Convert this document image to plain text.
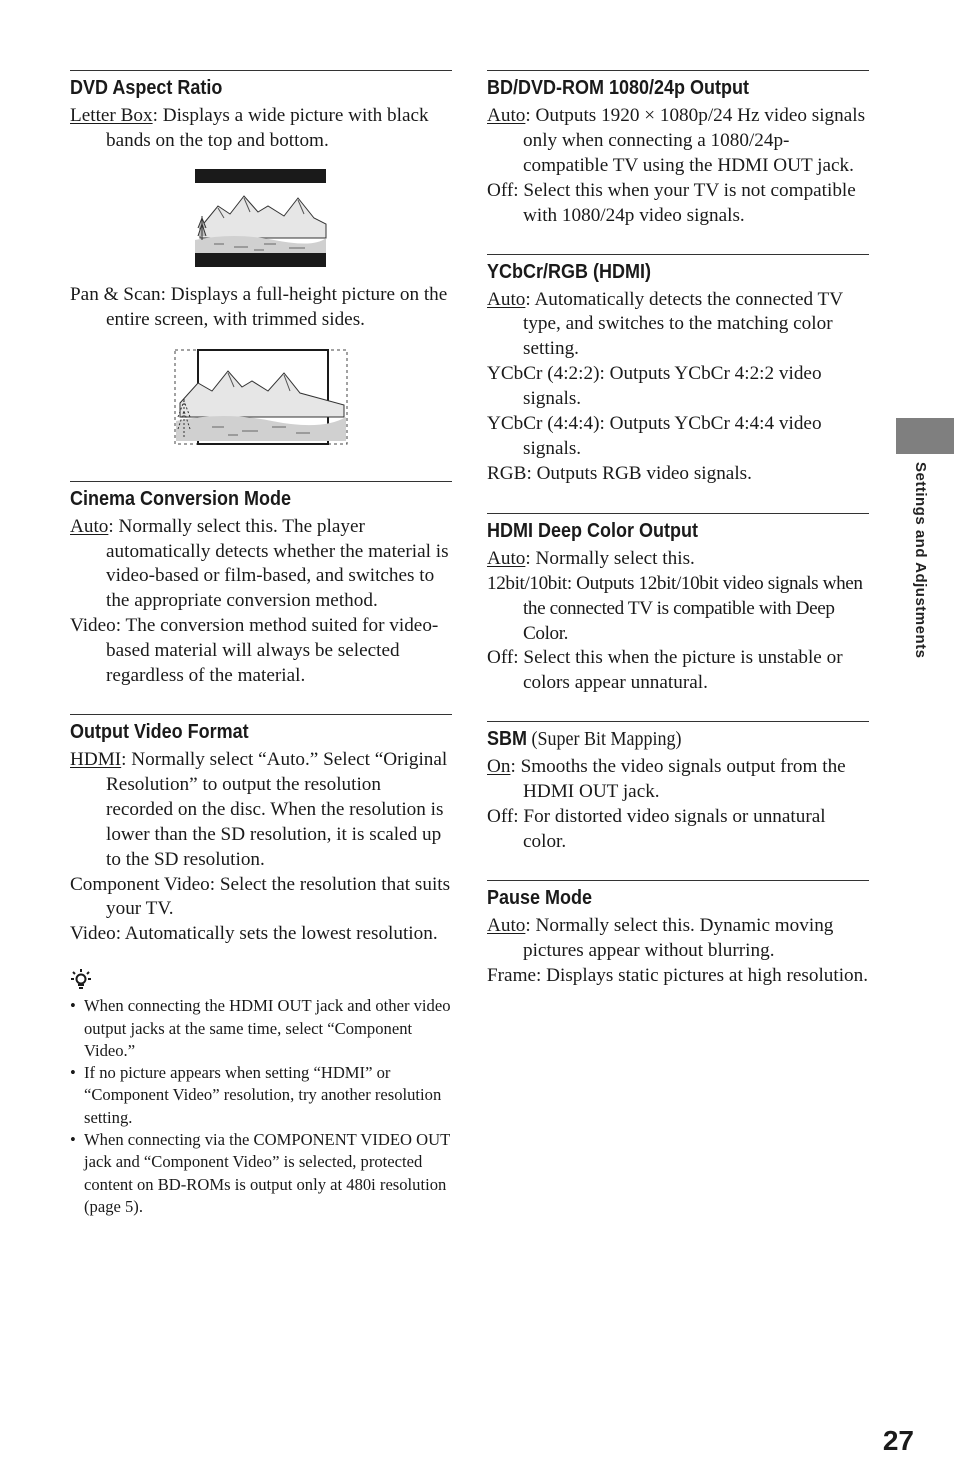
DVD Aspect Ratio

Letter Box: Displays a wide picture with black bands on the top and bottom.

Pan & Scan: Displays a full-height picture on the entire screen, with trimmed sides.

Cinema Conversion Mode

Auto: Normally select this. The player automatically detects whether the material is video-based or film-based, and switches to the appropriate conversion method.

Video: The conversion method suited for video-based material will always be selected regardless of the material.

Output Video Format

HDMI: Normally select “Auto.” Select “Original Resolution” to output the resolution recorded on the disc. When the resolution is lower than the SD resolution, it is scaled up to the SD resolution.

Component Video: Select the resolution that suits your TV.

Video: Automatically sets the lowest resolution.

• When connecting the HDMI OUT jack and other video output jacks at the same time, select “Component Video.”
• If no picture appears when setting “HDMI” or “Component Video” resolution, try another resolution setting.
• When connecting via the COMPONENT VIDEO OUT jack and “Component Video” is selected, protected content on BD-ROMs is output only at 480i resolution (page 5).
BD/DVD-ROM 1080/24p Output

Auto: Outputs 1920 × 1080p/24 Hz video signals only when connecting a 1080/24p-compatible TV using the HDMI OUT jack.

Off: Select this when your TV is not compatible with 1080/24p video signals.

YCbCr/RGB (HDMI)

Auto: Automatically detects the connected TV type, and switches to the matching color setting.

YCbCr (4:2:2): Outputs YCbCr 4:2:2 video signals.

YCbCr (4:4:4): Outputs YCbCr 4:4:4 video signals.

RGB: Outputs RGB video signals.

HDMI Deep Color Output

Auto: Normally select this.

12bit/10bit: Outputs 12bit/10bit video signals when the connected TV is compatible with Deep Color.

Off: Select this when the picture is unstable or colors appear unnatural.

SBM (Super Bit Mapping)

On: Smooths the video signals output from the HDMI OUT jack.

Off: For distorted video signals or unnatural color.

Pause Mode

Auto: Normally select this. Dynamic moving pictures appear without blurring.

Frame: Displays static pictures at high resolution.

Settings and Adjustments
27
